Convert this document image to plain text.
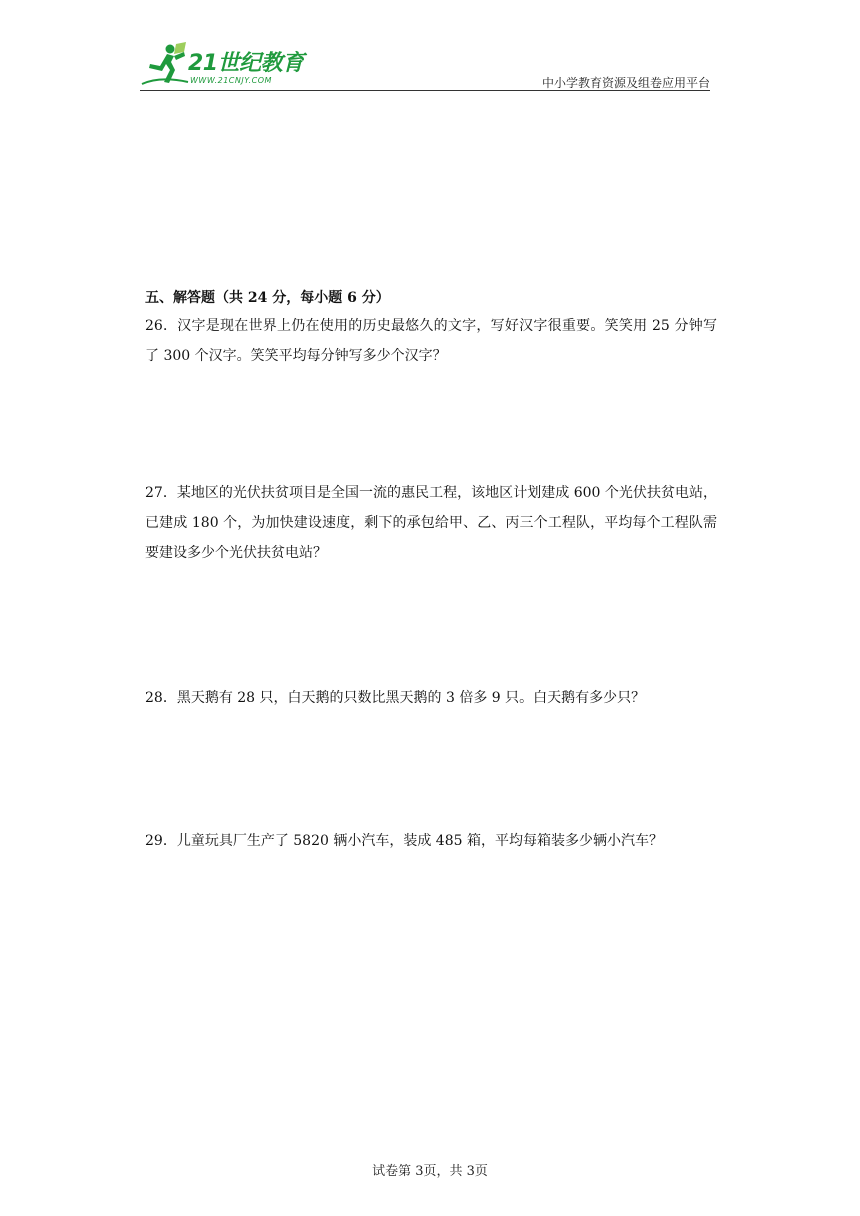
21世纪教育
WWW.21CNJY.COM	中小学教育资源及组卷应用平台
五、解答题（共 24 分，每小题 6 分）
26．汉字是现在世界上仍在使用的历史最悠久的文字，写好汉字很重要。笑笑用 25 分钟写了 300 个汉字。笑笑平均每分钟写多少个汉字？
27．某地区的光伏扶贫项目是全国一流的惠民工程，该地区计划建成 600 个光伏扶贫电站，已建成 180 个，为加快建设速度，剩下的承包给甲、乙、丙三个工程队，平均每个工程队需要建设多少个光伏扶贫电站？
28．黑天鹅有 28 只，白天鹅的只数比黑天鹅的 3 倍多 9 只。白天鹅有多少只？
29．儿童玩具厂生产了 5820 辆小汽车，装成 485 箱，平均每箱装多少辆小汽车？
试卷第 3页，共 3页
